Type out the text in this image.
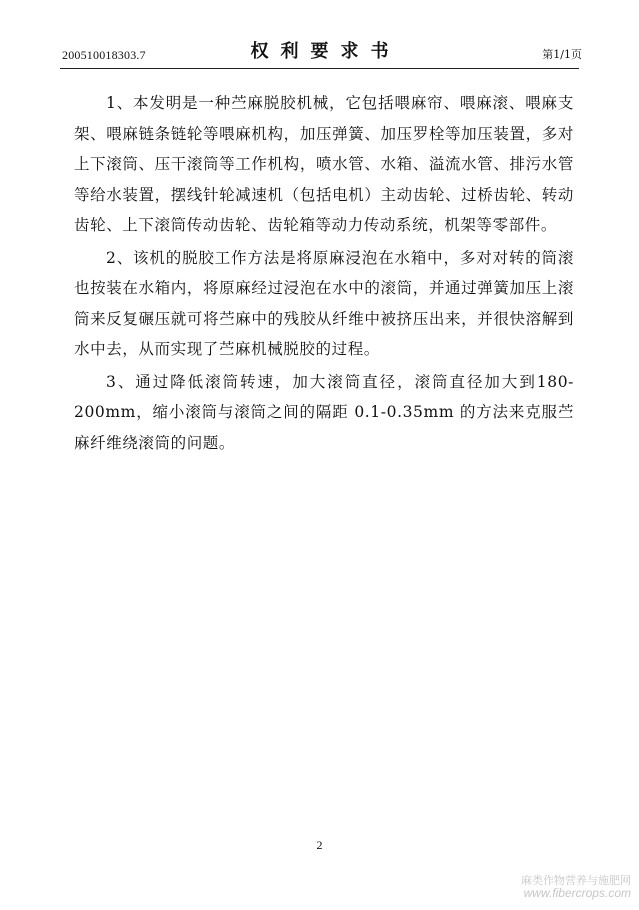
200510018303.7	权利要求书	第1/1页

1、本发明是一种苎麻脱胶机械，它包括喂麻帘、喂麻滚、喂麻支架、喂麻链条链轮等喂麻机构，加压弹簧、加压罗栓等加压装置，多对上下滚筒、压干滚筒等工作机构，喷水管、水箱、溢流水管、排污水管等给水装置，摆线针轮减速机（包括电机）主动齿轮、过桥齿轮、转动齿轮、上下滚筒传动齿轮、齿轮箱等动力传动系统，机架等零部件。

2、该机的脱胶工作方法是将原麻浸泡在水箱中，多对对转的筒滚也按装在水箱内，将原麻经过浸泡在水中的滚筒，并通过弹簧加压上滚筒来反复碾压就可将苎麻中的残胶从纤维中被挤压出来，并很快溶解到水中去，从而实现了苎麻机械脱胶的过程。

3、通过降低滚筒转速，加大滚筒直径，滚筒直径加大到180-200mm，缩小滚筒与滚筒之间的隔距 0.1-0.35mm 的方法来克服苎麻纤维绕滚筒的问题。

2
麻类作物营养与施肥网
www.fibercrops.com
